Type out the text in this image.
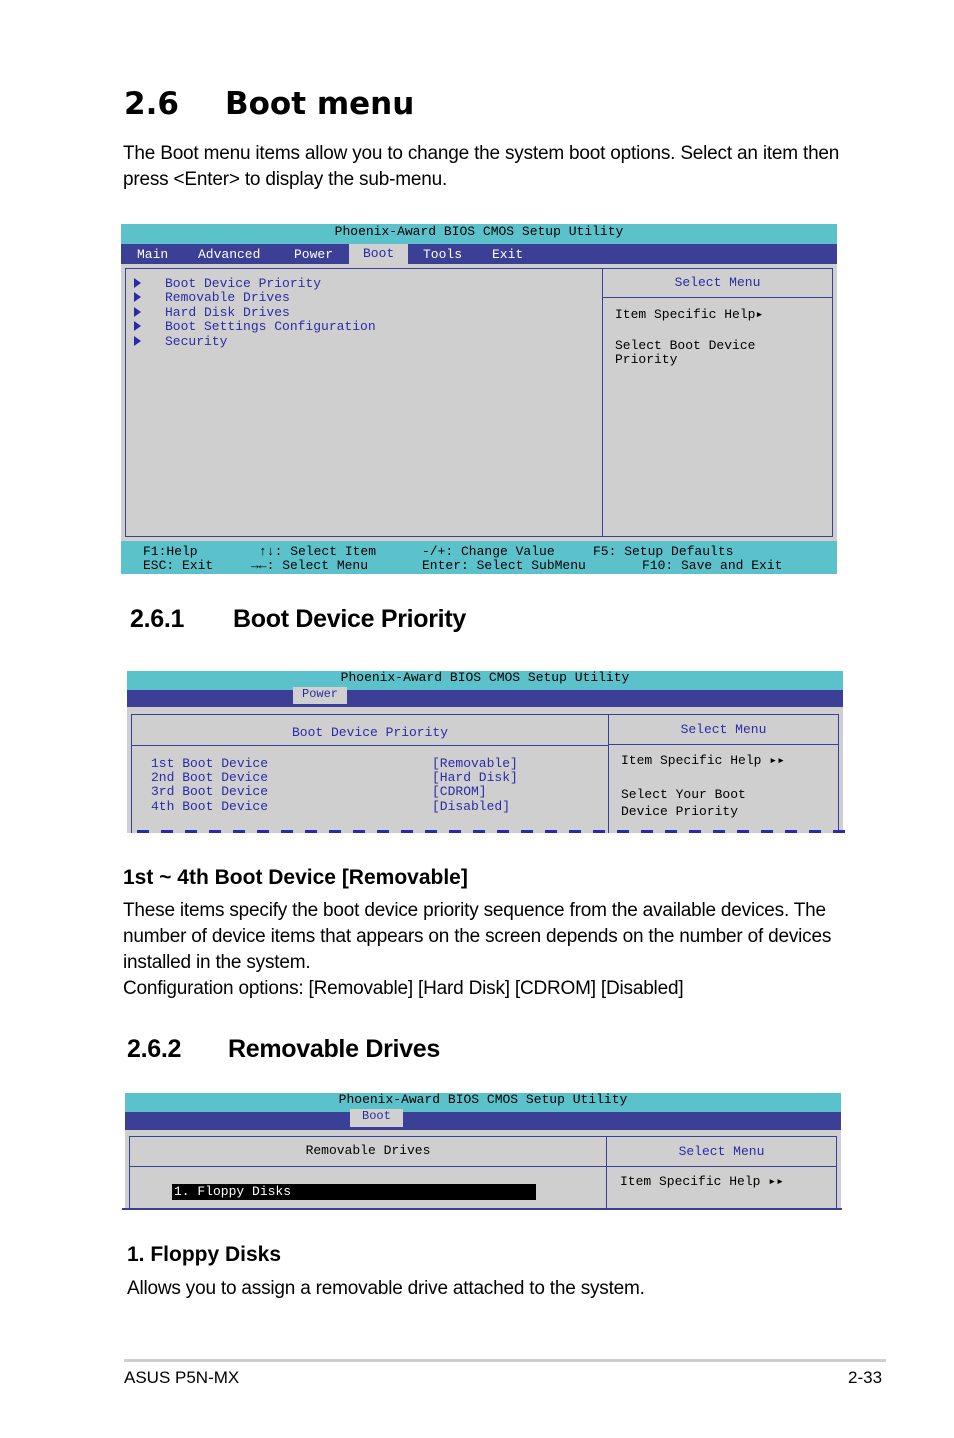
2.6 Boot menu

The Boot menu items allow you to change the system boot options. Select an item then press <Enter> to display the sub-menu.

Phoenix-Award BIOS CMOS Setup Utility
Main Advanced	Power	Boot	Tools Exit
Boot Device Priority
Removable Drives
Hard Disk Drives
Boot Settings Configuration
Security
Select Menu
Item Specific Help▸
Select Boot Device
Priority
F1:Help
ESC: Exit
↑↓: Select Item
→←: Select Menu
-/+: Change Value
Enter: Select SubMenu
F5: Setup Defaults
F10: Save and Exit
2.6.1 Boot Device Priority
Phoenix-Award BIOS CMOS Setup Utility
Power
Boot Device Priority
1st Boot Device	[Removable]
2nd Boot Device	[Hard Disk]
3rd Boot Device	[CDROM]
4th Boot Device	[Disabled]
Select Menu
Item Specific Help ▸▸
Select Your Boot
Device Priority
1st ~ 4th Boot Device [Removable]

These items specify the boot device priority sequence from the available devices. The number of device items that appears on the screen depends on the number of devices installed in the system.

Configuration options: [Removable] [Hard Disk] [CDROM] [Disabled]

2.6.2 Removable Drives
Phoenix-Award BIOS CMOS Setup Utility
Boot
Removable Drives
1. Floppy Disks
Select Menu
Item Specific Help ▸▸
1. Floppy Disks

Allows you to assign a removable drive attached to the system.

ASUS P5N-MX	2-33
